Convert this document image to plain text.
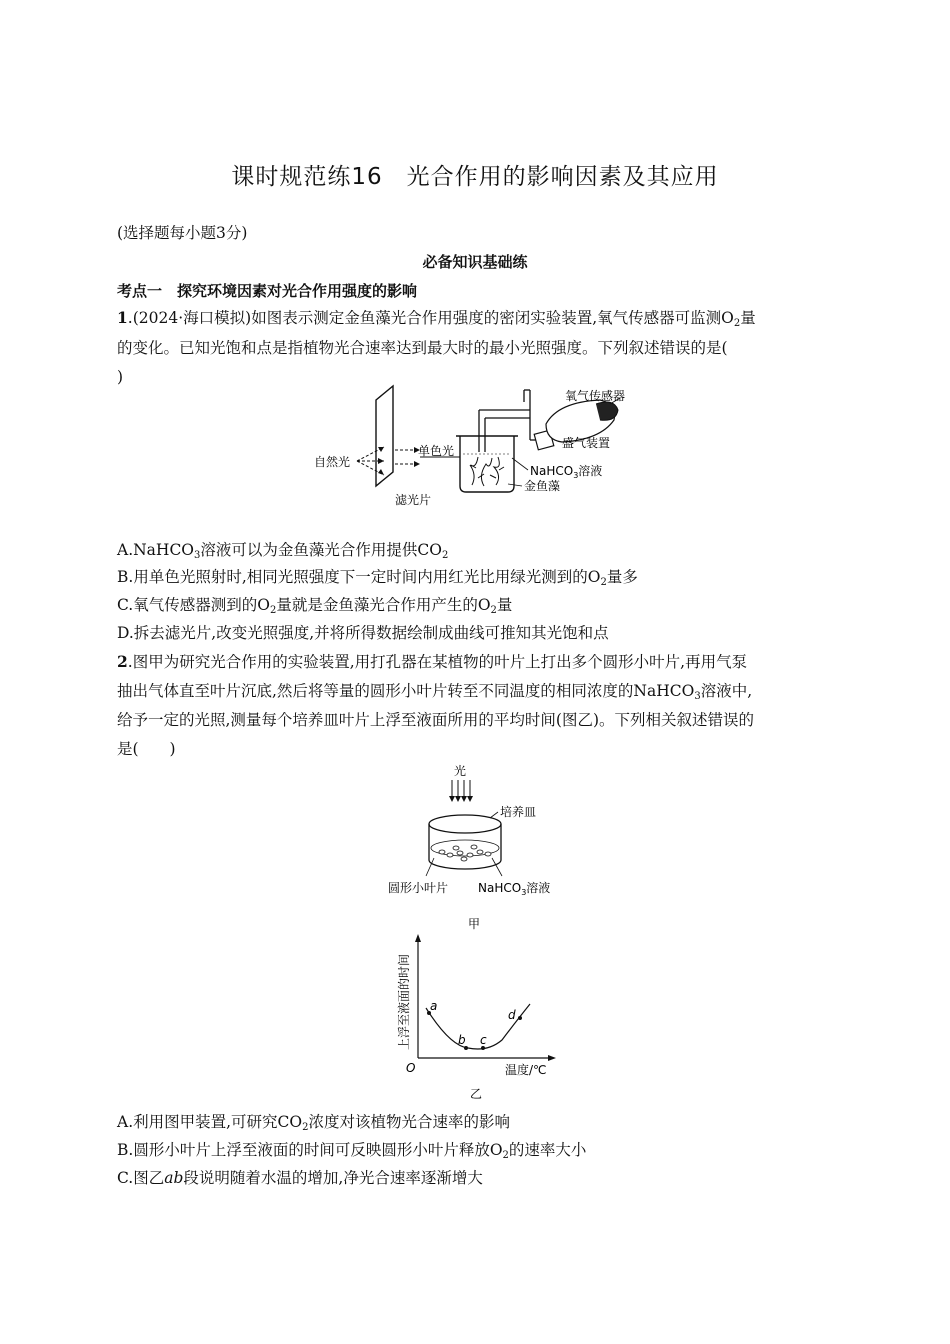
课时规范练16　光合作用的影响因素及其应用
(选择题每小题3分)
必备知识基础练
考点一　探究环境因素对光合作用强度的影响
1.(2024·海口模拟)如图表示测定金鱼藻光合作用强度的密闭实验装置,氧气传感器可监测$O_2$量
的变化。已知光饱和点是指植物光合速率达到最大时的最小光照强度。下列叙述错误的是(
)
自然光
滤光片
单色光
氧气传感器
盛气装置
NaHCO$_3$溶液
金鱼藻
A.NaHCO$_3$溶液可以为金鱼藻光合作用提供$CO_2$
B.用单色光照射时,相同光照强度下一定时间内用红光比用绿光测到的$O_2$量多
C.氧气传感器测到的$O_2$量就是金鱼藻光合作用产生的$O_2$量
D.拆去滤光片,改变光照强度,并将所得数据绘制成曲线可推知其光饱和点
2.图甲为研究光合作用的实验装置,用打孔器在某植物的叶片上打出多个圆形小叶片,再用气泵
抽出气体直至叶片沉底,然后将等量的圆形小叶片转至不同温度的相同浓度的NaHCO$_3$溶液中,
给予一定的光照,测量每个培养皿叶片上浮至液面所用的平均时间(图乙)。下列相关叙述错误的
是(　　)
光
培养皿
圆形小叶片 NaHCO$_3$溶液
甲
上浮至液面的时间
温度/℃
O
a
b c
d
乙
A.利用图甲装置,可研究$CO_2$浓度对该植物光合速率的影响
B.圆形小叶片上浮至液面的时间可反映圆形小叶片释放$O_2$的速率大小
C.图乙ab段说明随着水温的增加,净光合速率逐渐增大
